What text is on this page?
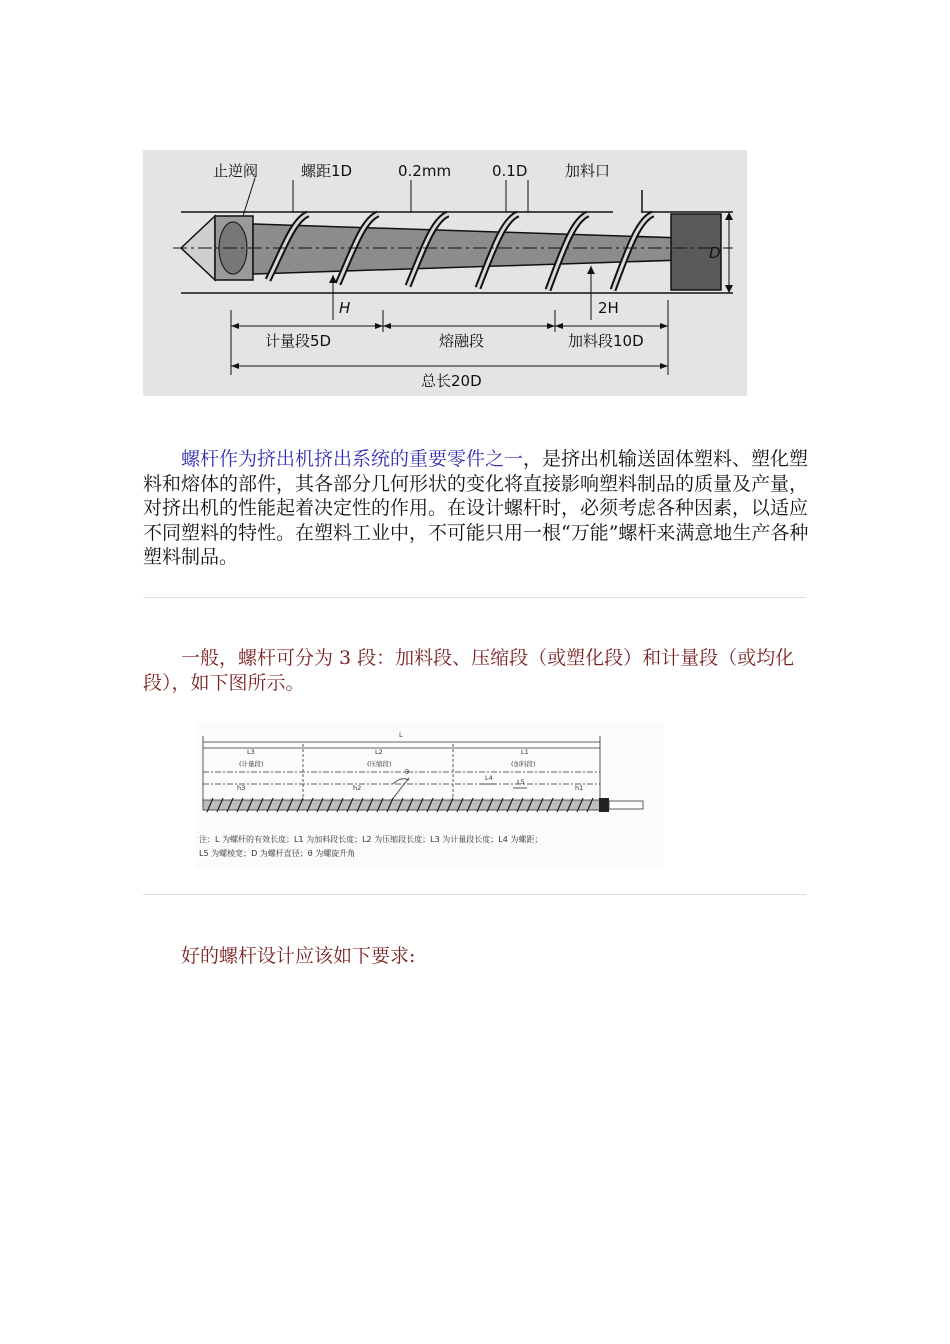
止逆阀	螺距1D	0.2mm	0.1D	加料口
D
H	2H
计量段5D	熔融段	加料段10D
总长20D

螺杆作为挤出机挤出系统的重要零件之一，是挤出机输送固体塑料、塑化塑料和熔体的部件，其各部分几何形状的变化将直接影响塑料制品的质量及产量，对挤出机的性能起着决定性的作用。在设计螺杆时，必须考虑各种因素，以适应不同塑料的特性。在塑料工业中，不可能只用一根“万能”螺杆来满意地生产各种塑料制品。

一般，螺杆可分为 3 段：加料段、压缩段（或塑化段）和计量段（或均化段），如下图所示。

L
L3	L2	L1
(计量段)	(压缩段)	(加料段)
h3	h2	h1
L4	L5
θ
注：L 为螺杆的有效长度；L1 为加料段长度；L2 为压缩段长度；L3 为计量段长度；L4 为螺距；
L5 为螺棱宽；D 为螺杆直径；θ 为螺旋升角

好的螺杆设计应该如下要求:
